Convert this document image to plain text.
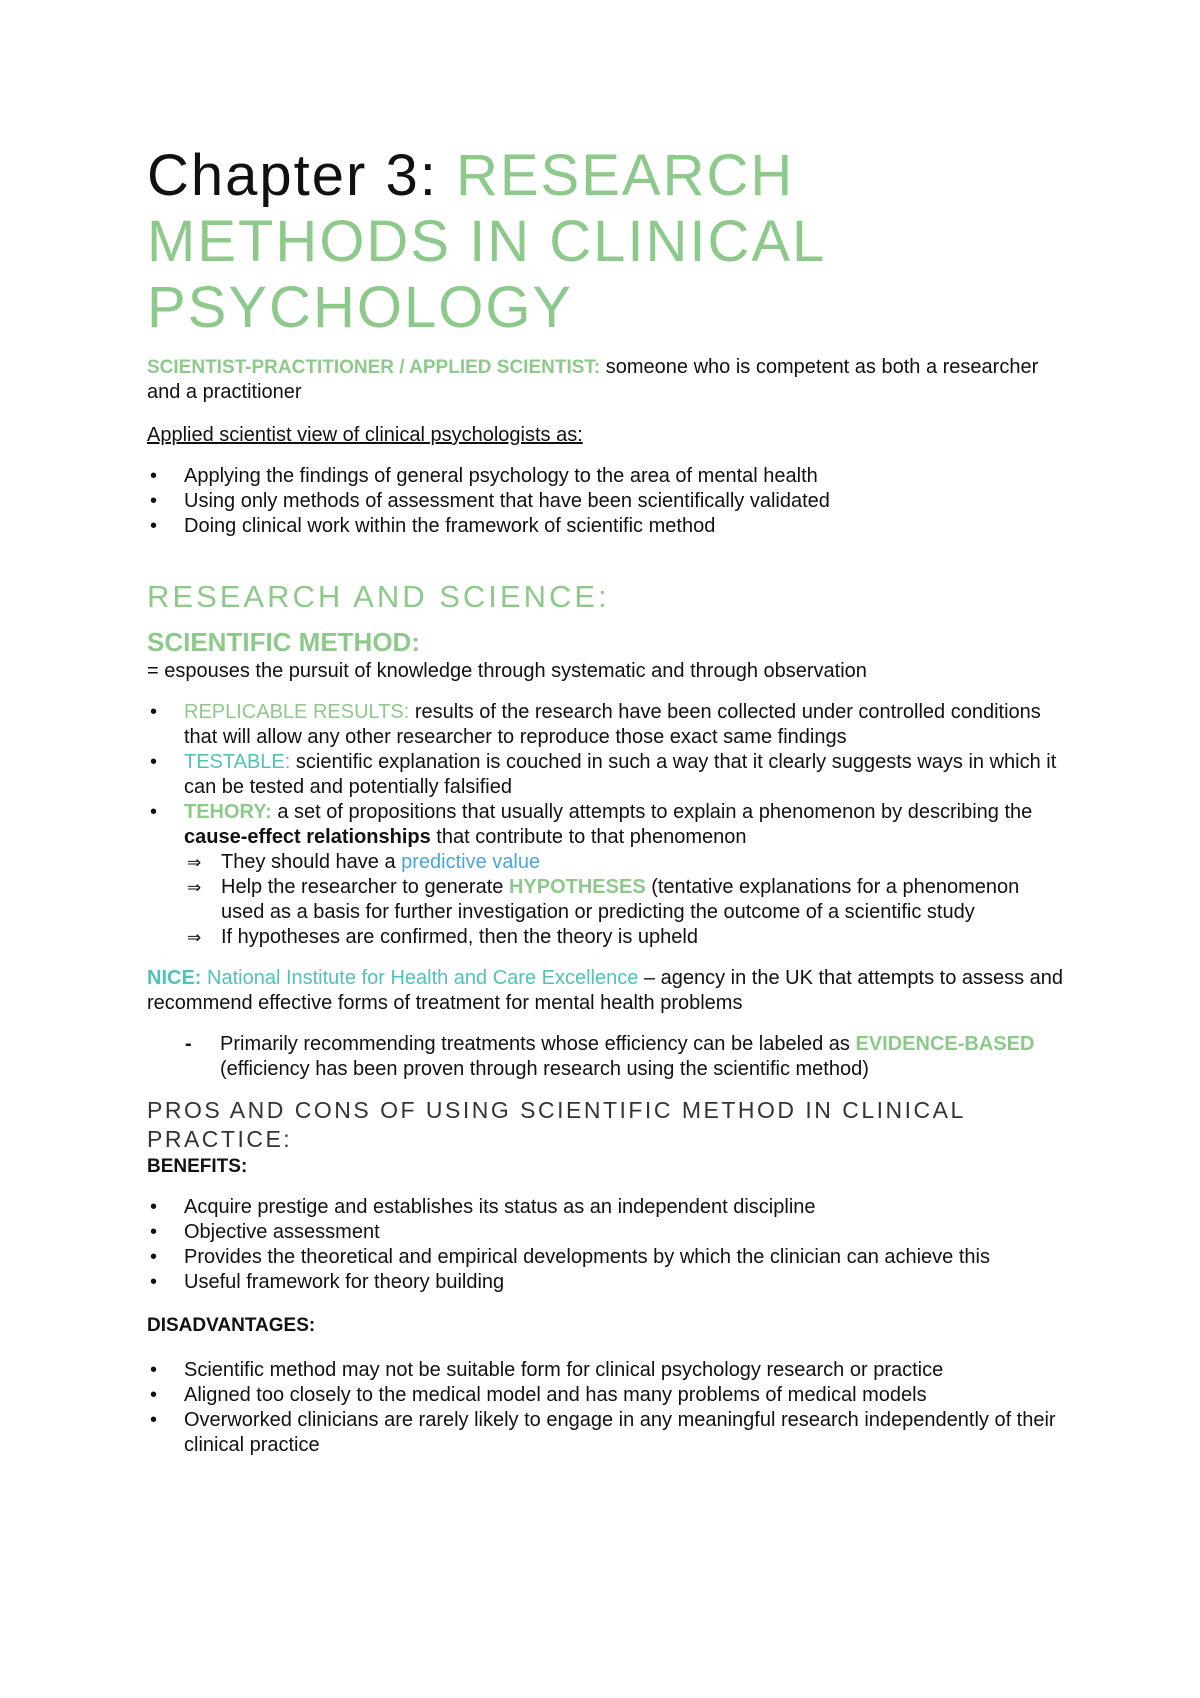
Chapter 3: RESEARCH
METHODS IN CLINICAL
PSYCHOLOGY

SCIENTIST-PRACTITIONER / APPLIED SCIENTIST: someone who is competent as both a researcher and a practitioner

Applied scientist view of clinical psychologists as:

• Applying the findings of general psychology to the area of mental health
• Using only methods of assessment that have been scientifically validated
• Doing clinical work within the framework of scientific method
RESEARCH AND SCIENCE:
SCIENTIFIC METHOD:

= espouses the pursuit of knowledge through systematic and through observation

• REPLICABLE RESULTS: results of the research have been collected under controlled conditions that will allow any other researcher to reproduce those exact same findings
• TESTABLE: scientific explanation is couched in such a way that it clearly suggests ways in which it can be tested and potentially falsified
• TEHORY: a set of propositions that usually attempts to explain a phenomenon by describing the cause-effect relationships that contribute to that phenomenon
⇒ They should have a predictive value
⇒ Help the researcher to generate HYPOTHESES (tentative explanations for a phenomenon used as a basis for further investigation or predicting the outcome of a scientific study
⇒ If hypotheses are confirmed, then the theory is upheld

NICE: National Institute for Health and Care Excellence – agency in the UK that attempts to assess and recommend effective forms of treatment for mental health problems

- Primarily recommending treatments whose efficiency can be labeled as EVIDENCE-BASED (efficiency has been proven through research using the scientific method)
PROS AND CONS OF USING SCIENTIFIC METHOD IN CLINICAL PRACTICE:

BENEFITS:

• Acquire prestige and establishes its status as an independent discipline
• Objective assessment
• Provides the theoretical and empirical developments by which the clinician can achieve this
• Useful framework for theory building

DISADVANTAGES:

• Scientific method may not be suitable form for clinical psychology research or practice
• Aligned too closely to the medical model and has many problems of medical models
• Overworked clinicians are rarely likely to engage in any meaningful research independently of their clinical practice
